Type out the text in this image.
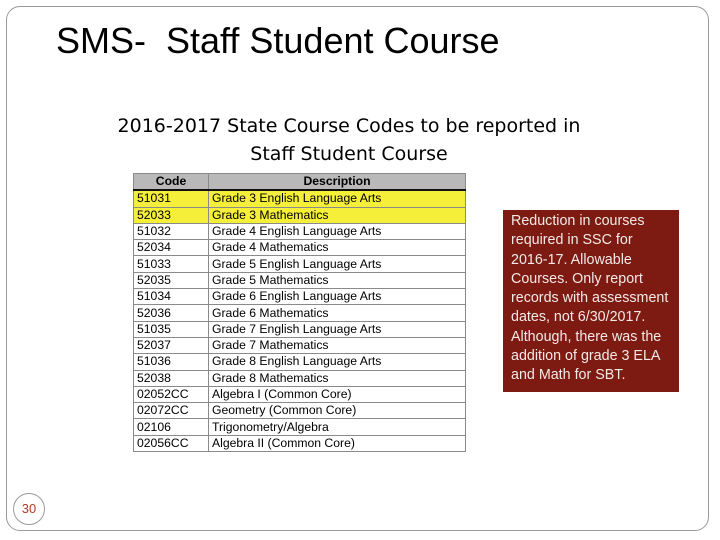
SMS-  Staff Student Course
2016-2017 State Course Codes to be reported in
Staff Student Course
Code	Description
51031	Grade 3 English Language Arts
52033	Grade 3 Mathematics
51032	Grade 4 English Language Arts
52034	Grade 4 Mathematics
51033	Grade 5 English Language Arts
52035	Grade 5 Mathematics
51034	Grade 6 English Language Arts
52036	Grade 6 Mathematics
51035	Grade 7 English Language Arts
52037	Grade 7 Mathematics
51036	Grade 8 English Language Arts
52038	Grade 8 Mathematics
02052CC	Algebra I (Common Core)
02072CC	Geometry (Common Core)
02106	Trigonometry/Algebra
02056CC	Algebra II (Common Core)
Reduction in courses required in SSC for 2016-17. Allowable Courses. Only report records with assessment dates, not 6/30/2017. Although, there was the addition of grade 3 ELA and Math for SBT.
30
